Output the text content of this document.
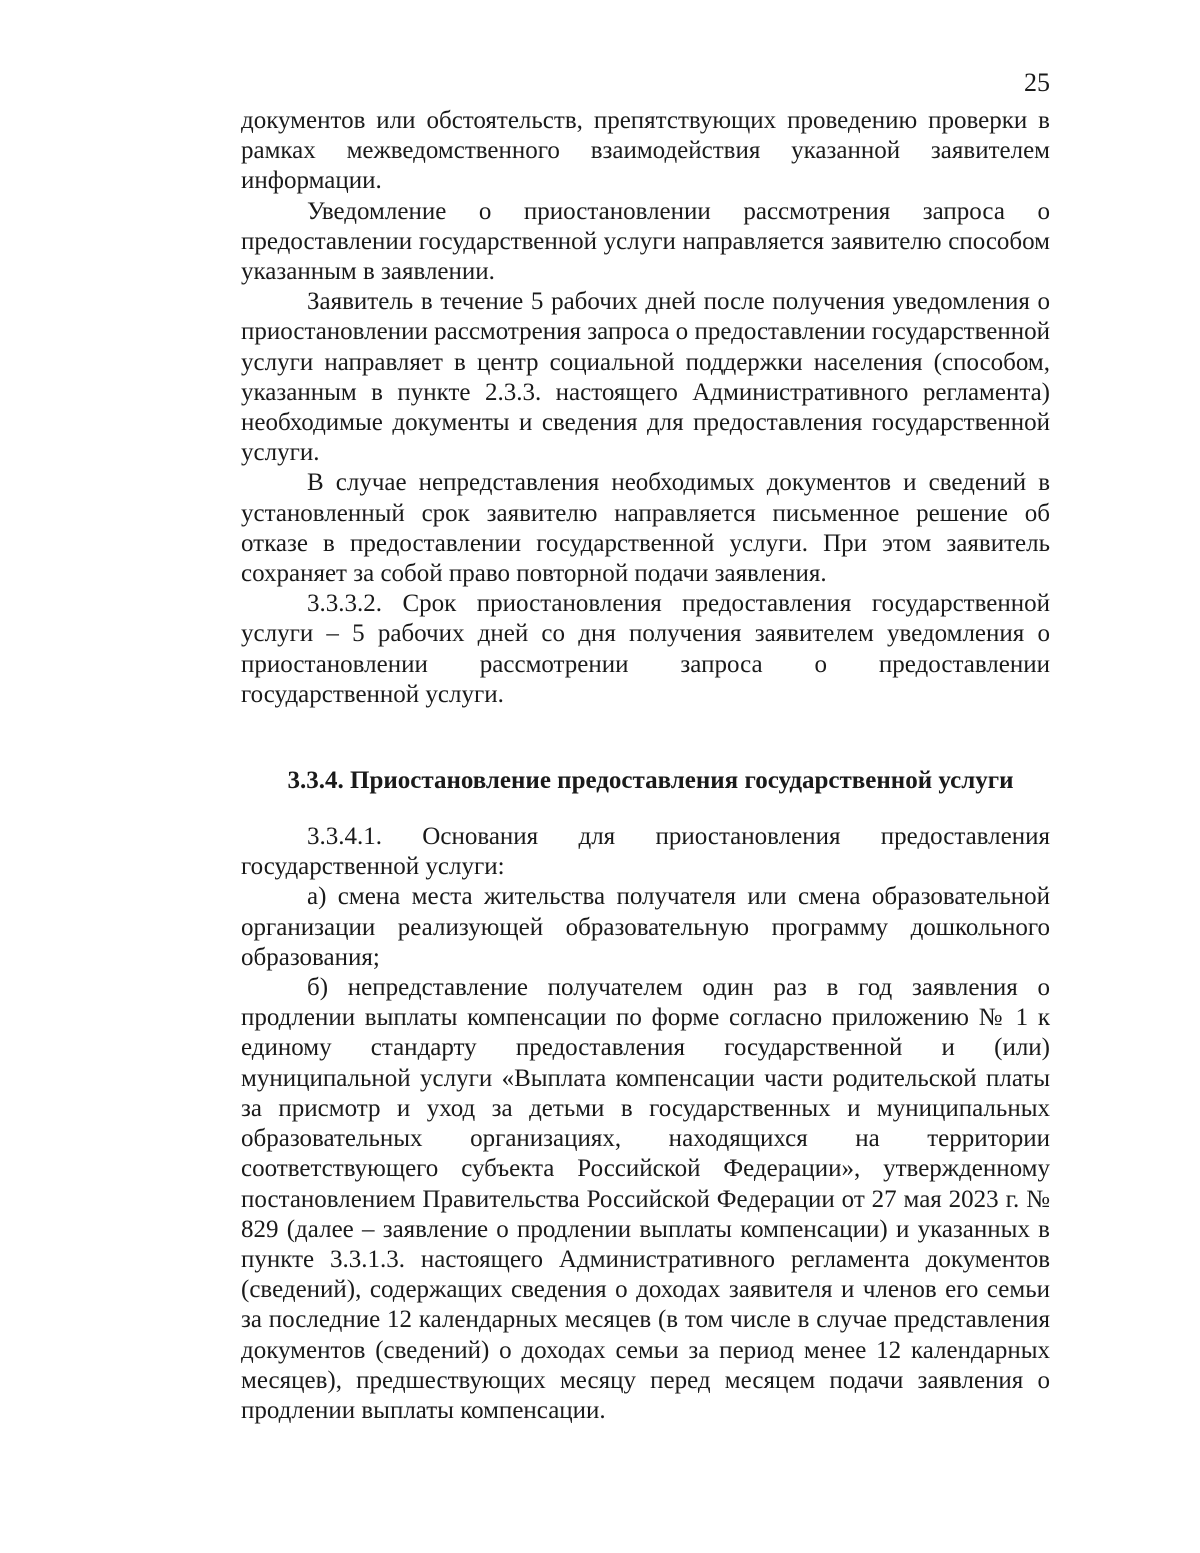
25

документов или обстоятельств, препятствующих проведению проверки в рамках межведомственного взаимодействия указанной заявителем информации.

Уведомление о приостановлении рассмотрения запроса о предоставлении государственной услуги направляется заявителю способом указанным в заявлении.

Заявитель в течение 5 рабочих дней после получения уведомления о приостановлении рассмотрения запроса о предоставлении государственной услуги направляет в центр социальной поддержки населения (способом, указанным в пункте 2.3.3. настоящего Административного регламента) необходимые документы и сведения для предоставления государственной услуги.

В случае непредставления необходимых документов и сведений в установленный срок заявителю направляется письменное решение об отказе в предоставлении государственной услуги. При этом заявитель сохраняет за собой право повторной подачи заявления.

3.3.3.2. Срок приостановления предоставления государственной услуги – 5 рабочих дней со дня получения заявителем уведомления о приостановлении рассмотрении запроса о предоставлении государственной услуги.

3.3.4. Приостановление предоставления государственной услуги

3.3.4.1. Основания для приостановления предоставления государственной услуги:

а) смена места жительства получателя или смена образовательной организации реализующей образовательную программу дошкольного образования;

б) непредставление получателем один раз в год заявления о продлении выплаты компенсации по форме согласно приложению № 1 к единому стандарту предоставления государственной и (или) муниципальной услуги «Выплата компенсации части родительской платы за присмотр и уход за детьми в государственных и муниципальных образовательных организациях, находящихся на территории соответствующего субъекта Российской Федерации», утвержденному постановлением Правительства Российской Федерации от 27 мая 2023 г. № 829 (далее – заявление о продлении выплаты компенсации) и указанных в пункте 3.3.1.3. настоящего Административного регламента документов (сведений), содержащих сведения о доходах заявителя и членов его семьи за последние 12 календарных месяцев (в том числе в случае представления документов (сведений) о доходах семьи за период менее 12 календарных месяцев), предшествующих месяцу перед месяцем подачи заявления о продлении выплаты компенсации.
